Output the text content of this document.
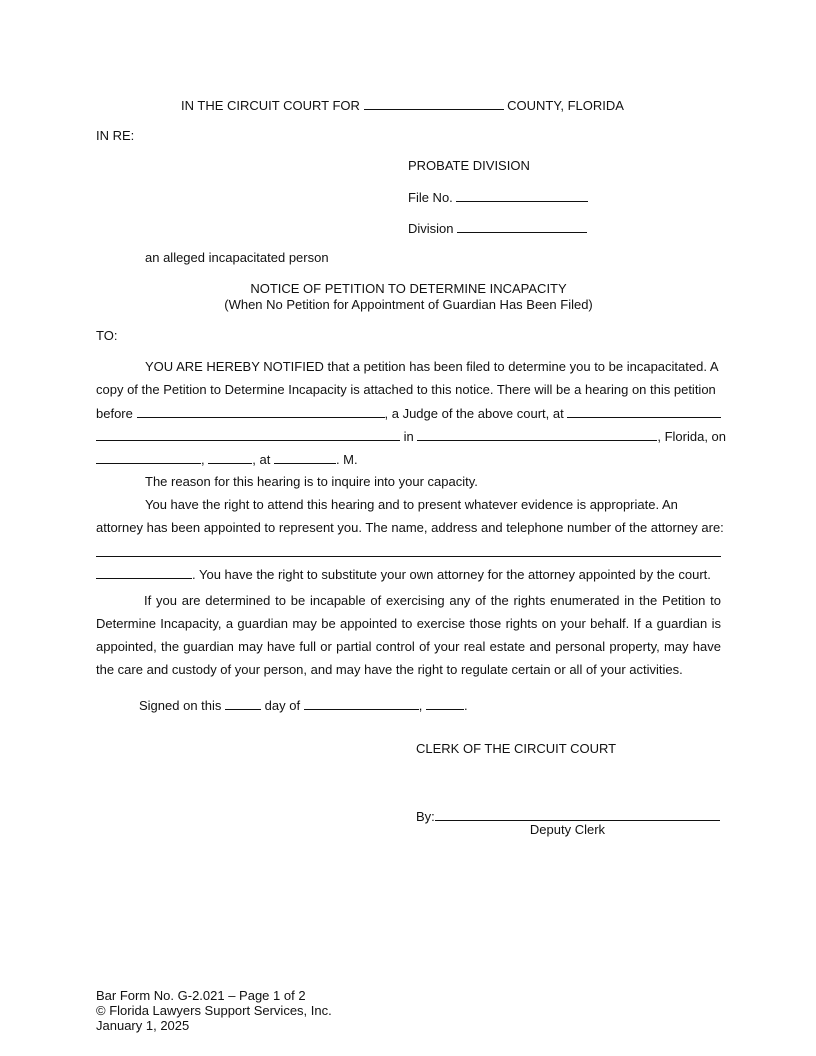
IN THE CIRCUIT COURT FOR	COUNTY, FLORIDA
IN RE:
PROBATE DIVISION
File No.
Division
an alleged incapacitated person
NOTICE OF PETITION TO DETERMINE INCAPACITY
(When No Petition for Appointment of Guardian Has Been Filed)
TO:
YOU ARE HEREBY NOTIFIED that a petition has been filed to determine you to be incapacitated. A
copy of the Petition to Determine Incapacity is attached to this notice. There will be a hearing on this petition
before	, a Judge of the above court, at
in	, Florida, on
,	, at	. M.
The reason for this hearing is to inquire into your capacity.
You have the right to attend this hearing and to present whatever evidence is appropriate. An
attorney has been appointed to represent you. The name, address and telephone number of the attorney are:
. You have the right to substitute your own attorney for the attorney appointed by the court.
If you are determined to be incapable of exercising any of the rights enumerated in the Petition to Determine Incapacity, a guardian may be appointed to exercise those rights on your behalf. If a guardian is appointed, the guardian may have full or partial control of your real estate and personal property, may have the care and custody of your person, and may have the right to regulate certain or all of your activities.
Signed on this	day of	,	.
CLERK OF THE CIRCUIT COURT
By:
Deputy Clerk
Bar Form No. G-2.021 – Page 1 of 2
© Florida Lawyers Support Services, Inc.
January 1, 2025
